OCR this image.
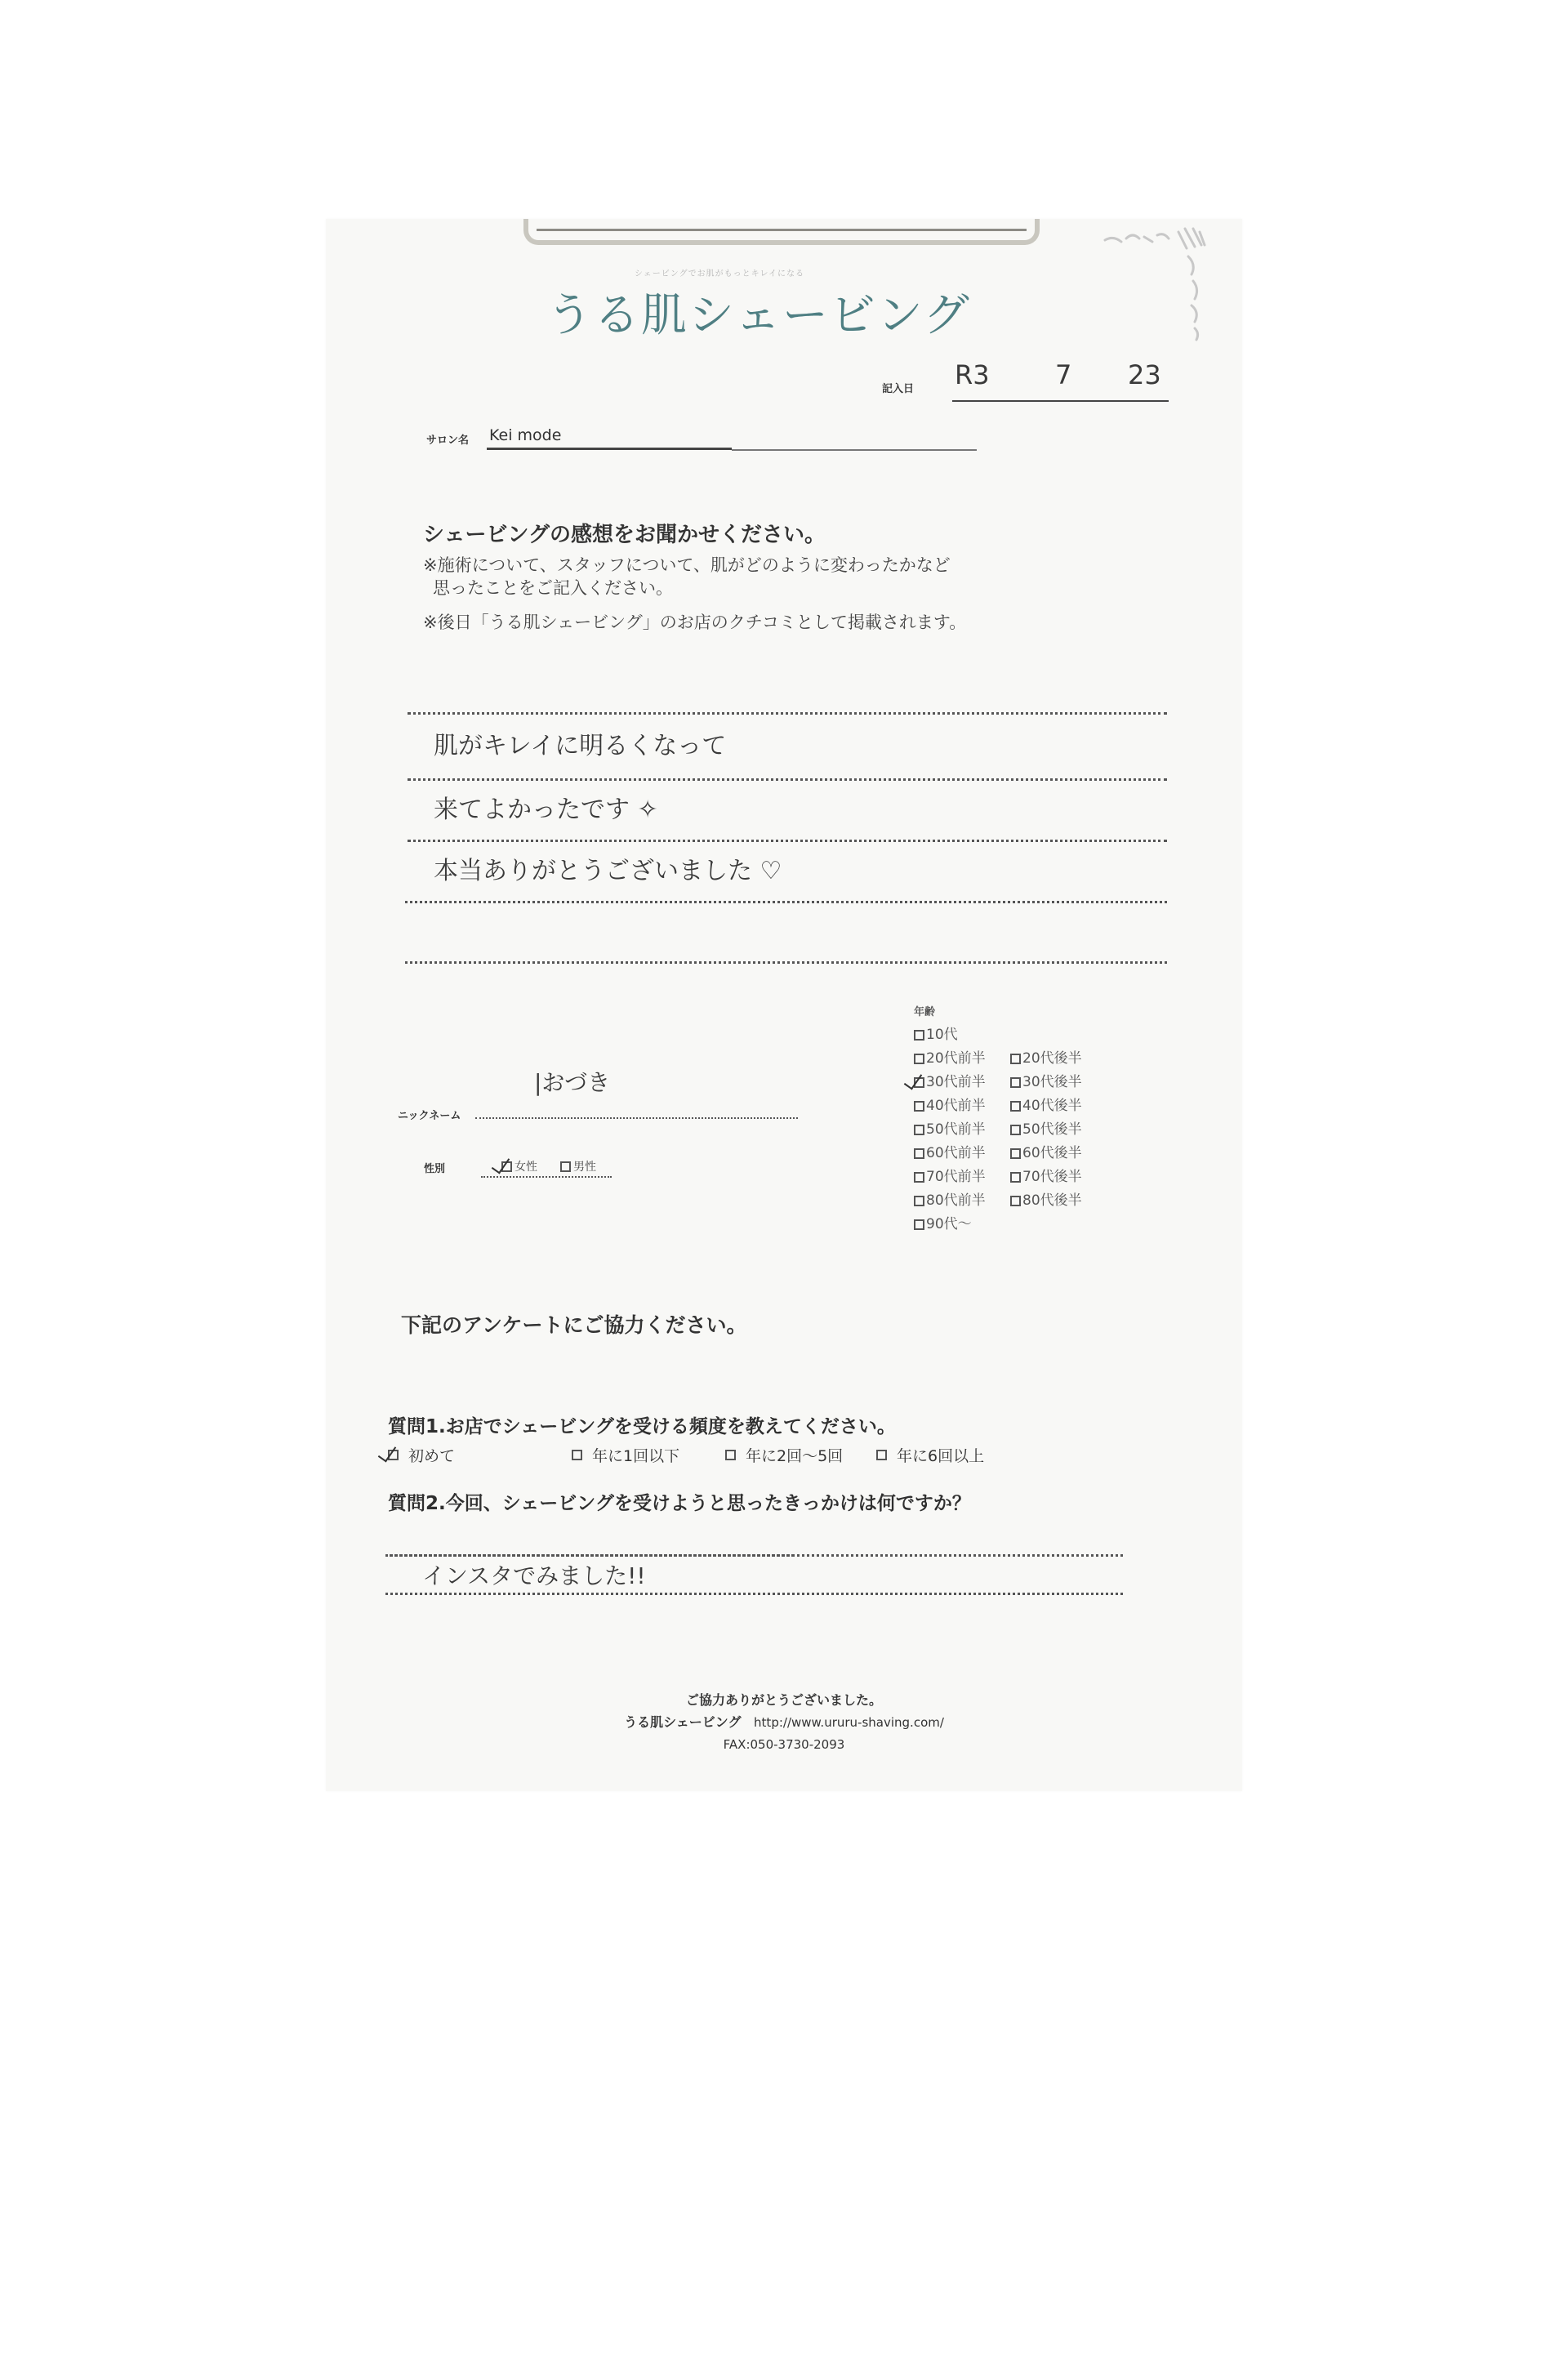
シェービングでお肌がもっとキレイになる
うる肌シェービング
記入日 R3	7 23
サロン名 Kei mode
シェービングの感想をお聞かせください。
※施術について、スタッフについて、肌がどのように変わったかなど
思ったことをご記入ください。
※後日「うる肌シェービング」のお店のクチコミとして掲載されます。
肌がキレイに明るくなって
来てよかったです ✧
本当ありがとうございました ♡
ニックネーム
|おづき
性別	女性	男性
年齢
10代
20代前半	20代後半
30代前半	30代後半
40代前半	40代後半
50代前半	50代後半
60代前半	60代後半
70代前半	70代後半
80代前半	80代後半
90代〜
下記のアンケートにご協力ください。
質問1.お店でシェービングを受ける頻度を教えてください。
初めて	年に1回以下	年に2回〜5回	年に6回以上
質問2.今回、シェービングを受けようと思ったきっかけは何ですか？
インスタでみました!!
ご協力ありがとうございました。
うる肌シェービング http://www.ururu-shaving.com/
FAX:050-3730-2093
